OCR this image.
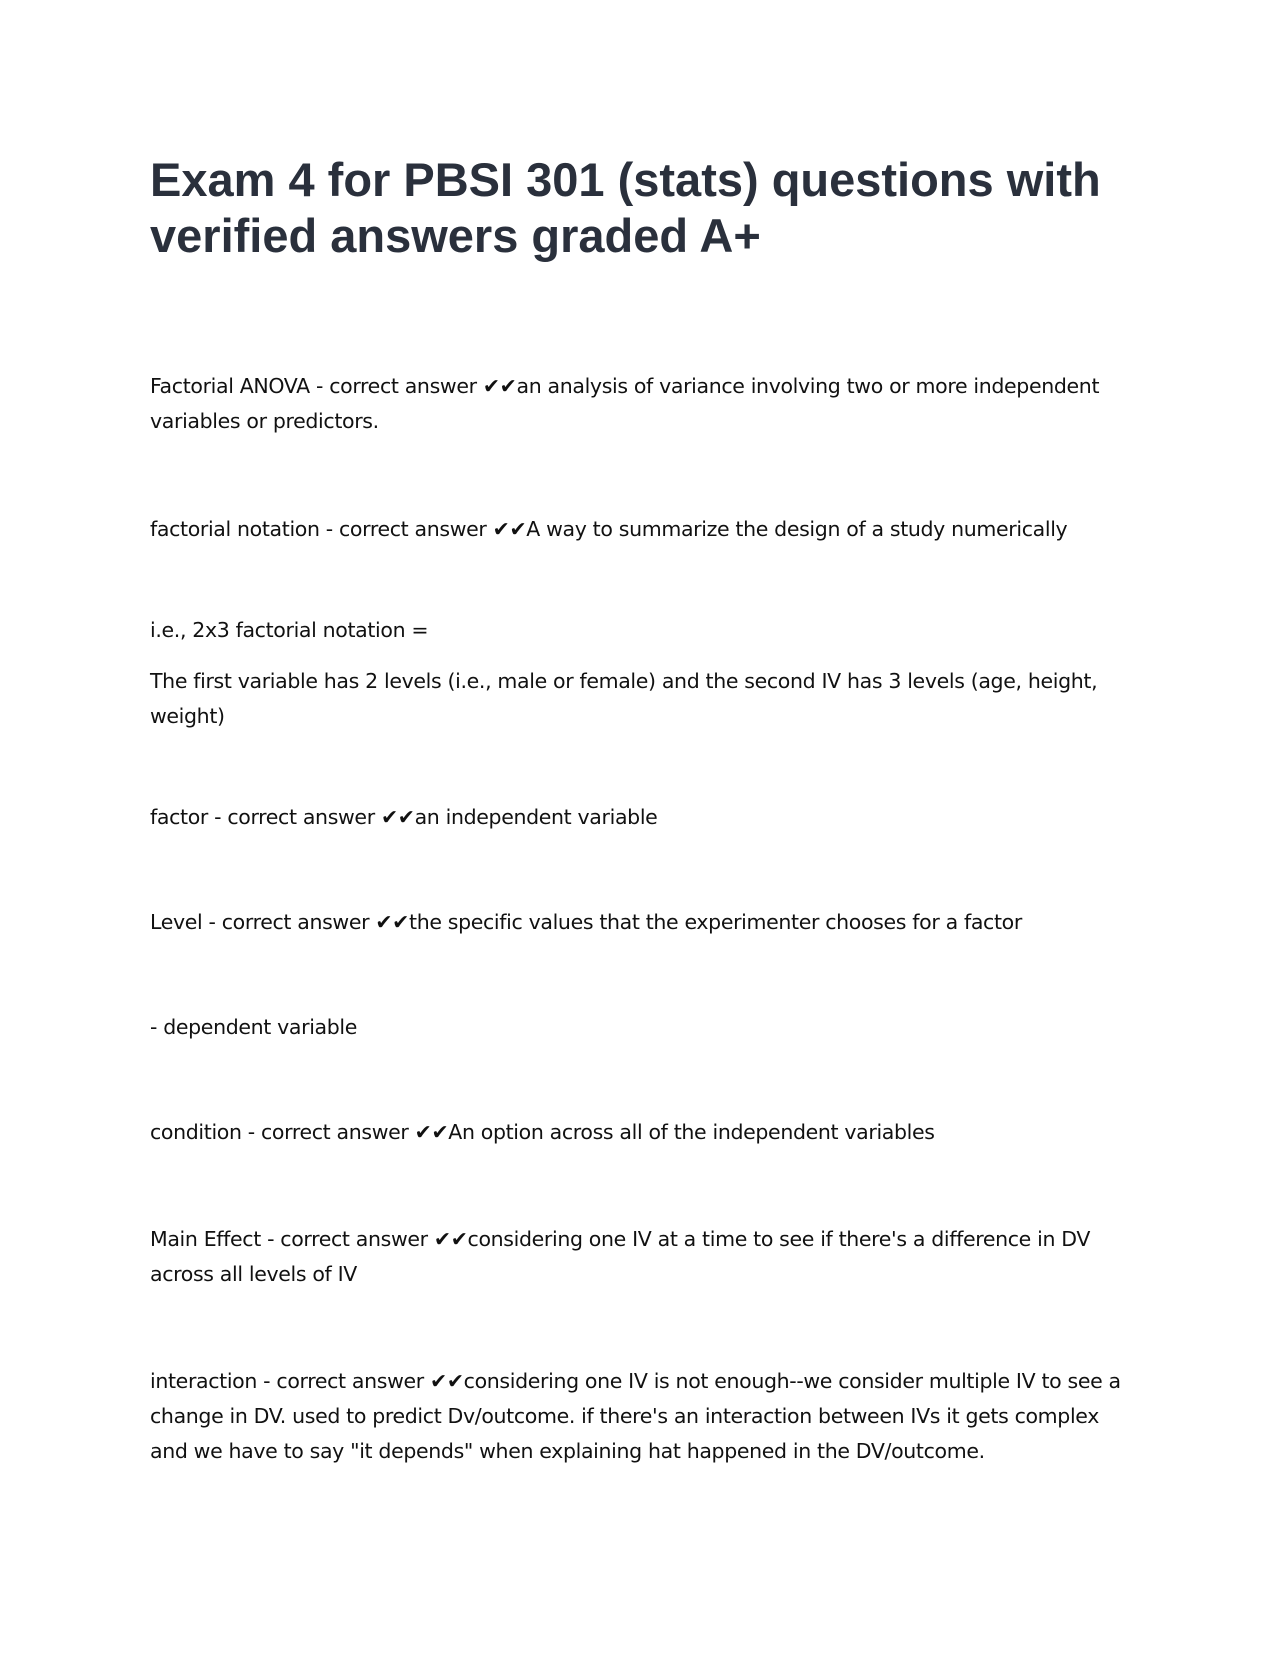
Exam 4 for PBSI 301 (stats) questions with verified answers graded A+

Factorial ANOVA - correct answer ✔✔an analysis of variance involving two or more independent variables or predictors.

factorial notation - correct answer ✔✔A way to summarize the design of a study numerically

i.e., 2x3 factorial notation =

The first variable has 2 levels (i.e., male or female) and the second IV has 3 levels (age, height, weight)

factor - correct answer ✔✔an independent variable

Level - correct answer ✔✔the specific values that the experimenter chooses for a factor

- dependent variable

condition - correct answer ✔✔An option across all of the independent variables

Main Effect - correct answer ✔✔considering one IV at a time to see if there's a difference in DV across all levels of IV

interaction - correct answer ✔✔considering one IV is not enough--we consider multiple IV to see a change in DV. used to predict Dv/outcome. if there's an interaction between IVs it gets complex and we have to say "it depends" when explaining hat happened in the DV/outcome.
